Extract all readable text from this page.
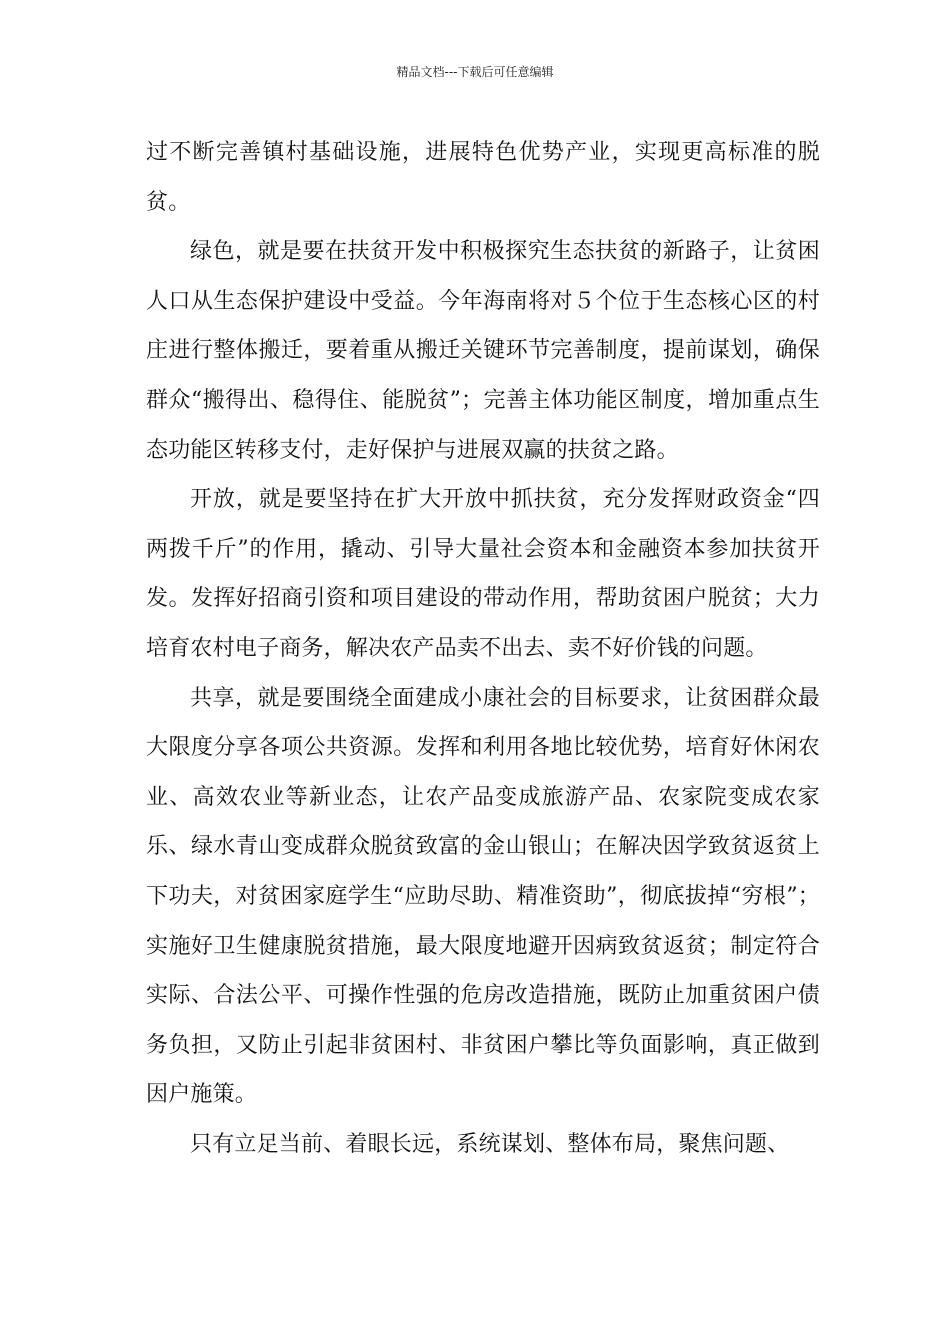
精品文档---下载后可任意编辑

过不断完善镇村基础设施，进展特色优势产业，实现更高标准的脱贫。

绿色，就是要在扶贫开发中积极探究生态扶贫的新路子，让贫困人口从生态保护建设中受益。今年海南将对５个位于生态核心区的村庄进行整体搬迁，要着重从搬迁关键环节完善制度，提前谋划，确保群众“搬得出、稳得住、能脱贫”；完善主体功能区制度，增加重点生态功能区转移支付，走好保护与进展双赢的扶贫之路。

开放，就是要坚持在扩大开放中抓扶贫，充分发挥财政资金“四两拨千斤”的作用，撬动、引导大量社会资本和金融资本参加扶贫开发。发挥好招商引资和项目建设的带动作用，帮助贫困户脱贫；大力培育农村电子商务，解决农产品卖不出去、卖不好价钱的问题。

共享，就是要围绕全面建成小康社会的目标要求，让贫困群众最大限度分享各项公共资源。发挥和利用各地比较优势，培育好休闲农业、高效农业等新业态，让农产品变成旅游产品、农家院变成农家乐、绿水青山变成群众脱贫致富的金山银山；在解决因学致贫返贫上下功夫，对贫困家庭学生“应助尽助、精准资助”，彻底拔掉“穷根”；实施好卫生健康脱贫措施，最大限度地避开因病致贫返贫；制定符合实际、合法公平、可操作性强的危房改造措施，既防止加重贫困户债务负担，又防止引起非贫困村、非贫困户攀比等负面影响，真正做到因户施策。

只有立足当前、着眼长远，系统谋划、整体布局，聚焦问题、
